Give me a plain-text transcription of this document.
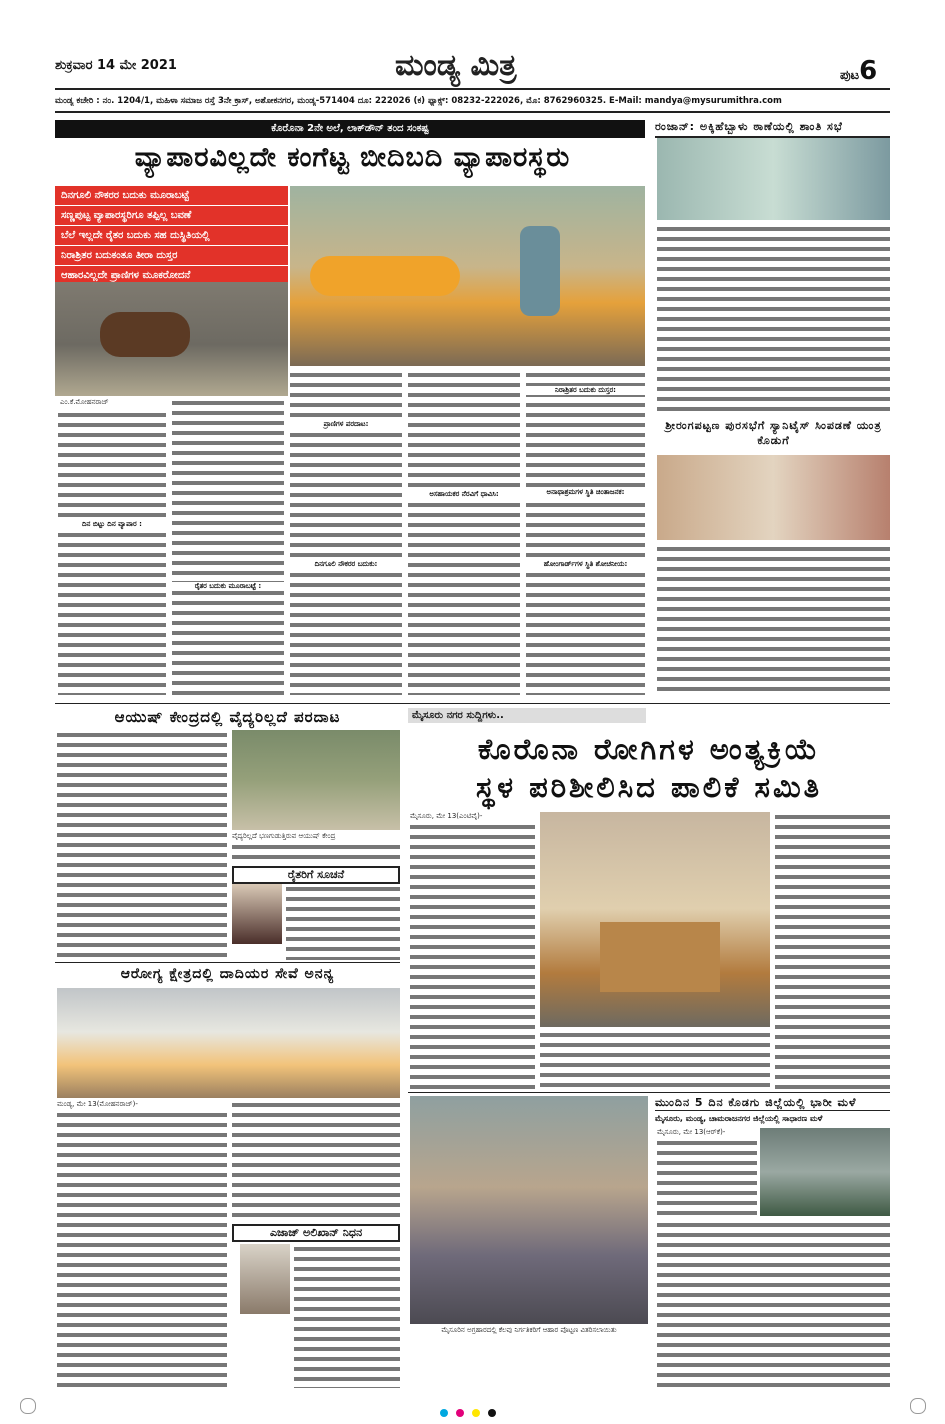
ಶುಕ್ರವಾರ 14 ಮೇ 2021	ಮಂಡ್ಯ ಮಿತ್ರ	ಪುಟ6
ಮಂಡ್ಯ ಕಚೇರಿ : ನಂ. 1204/1, ಮಹಿಳಾ ಸಮಾಜ ರಸ್ತೆ 3ನೇ ಕ್ರಾಸ್, ಅಶೋಕನಗರ, ಮಂಡ್ಯ-571404 ದೂ: 222026 (ಕ) ಫ್ಯಾಕ್ಸ್: 08232-222026, ಮೊ: 8762960325. E-Mail: mandya@mysurumithra.com
ಕೊರೊನಾ 2ನೇ ಅಲೆ, ಲಾಕ್‌ಡೌನ್ ತಂದ ಸಂಕಷ್ಟ
ವ್ಯಾಪಾರವಿಲ್ಲದೇ ಕಂಗೆಟ್ಟ ಬೀದಿಬದಿ ವ್ಯಾಪಾರಸ್ಥರು
ದಿನಗೂಲಿ ನೌಕರರ ಬದುಕು ಮೂರಾಬಟ್ಟೆ
ಸಣ್ಣಪುಟ್ಟ ವ್ಯಾಪಾರಸ್ಥರಿಗೂ ತಪ್ಪಿಲ್ಲ ಬವಣೆ
ಬೆಲೆ ಇಲ್ಲದೇ ರೈತರ ಬದುಕು ಸಹ ದುಸ್ಥಿತಿಯಲ್ಲಿ
ನಿರಾಶ್ರಿತರ ಬದುಕಂತೂ ತೀರಾ ದುಸ್ತರ
ಆಹಾರವಿಲ್ಲದೇ ಪ್ರಾಣಿಗಳ ಮೂಕರೋದನೆ
ಎಂ.ಕೆ.ಮೋಹನರಾಜ್
ದಿನ ಬಿಟ್ಟು ದಿನ ವ್ಯಾಪಾರ :
ರೈತರ ಬದುಕು ಮೂರಾಬಟ್ಟೆ :
ದಿನಗೂಲಿ ನೌಕರರ ಬದುಕು:
ಪ್ರಾಣಿಗಳ ಪರದಾಟ:
ಅಸಹಾಯಕರ ನೆರವಿಗೆ ಧಾವಿಸಿ:
ನಿರಾಶ್ರಿತರ ಬದುಕು ದುಸ್ತರ:
ಅನಾಥಾಶ್ರಮಗಳ ಸ್ಥಿತಿ ಚಿಂತಾಜನಕ:
ಹೋಂಗಾರ್ಡ್‌ಗಳ ಸ್ಥಿತಿ ಶೋಚನೀಯ:
ರಂಜಾನ್: ಅಕ್ಕಿಹೆಬ್ಬಾಳು ಠಾಣೆಯಲ್ಲಿ ಶಾಂತಿ ಸಭೆ
ಶ್ರೀರಂಗಪಟ್ಟಣ ಪುರಸಭೆಗೆ ಸ್ಯಾನಿಟೈಸ್ ಸಿಂಪಡಣೆ ಯಂತ್ರ ಕೊಡುಗೆ
ಆಯುಷ್ ಕೇಂದ್ರದಲ್ಲಿ ವೈದ್ಯರಿಲ್ಲದೆ ಪರದಾಟ
ವೈದ್ಯರಿಲ್ಲದೆ ಭಣಗುಡುತ್ತಿರುವ ಆಯುಷ್ ಕೇಂದ್ರ
ರೈತರಿಗೆ ಸೂಚನೆ
ಆರೋಗ್ಯ ಕ್ಷೇತ್ರದಲ್ಲಿ ದಾದಿಯರ ಸೇವೆ ಅನನ್ಯ
ಮಂಡ್ಯ, ಮೇ 13(ಮೋಹನರಾಜ್)-
ಎಜಾಜ್ ಅಲಿಖಾನ್ ನಿಧನ
ಮೈಸೂರು ನಗರ ಸುದ್ದಿಗಳು..
ಕೊರೊನಾ ರೋಗಿಗಳ ಅಂತ್ಯಕ್ರಿಯೆ
ಸ್ಥಳ ಪರಿಶೀಲಿಸಿದ ಪಾಲಿಕೆ ಸಮಿತಿ
ಮೈಸೂರು, ಮೇ 13(ಎಂಟಿವೈ)-
ಮೈಸೂರಿನ ಅಗ್ರಹಾರದಲ್ಲಿ ಕೆಲವು ನಿರ್ಗತಿಕರಿಗೆ ಆಹಾರ ಪೊಟ್ಟಣ ವಿತರಿಸಲಾಯಿತು
ಮುಂದಿನ 5 ದಿನ ಕೊಡಗು ಜಿಲ್ಲೆಯಲ್ಲಿ ಭಾರೀ ಮಳೆ
ಮೈಸೂರು, ಮಂಡ್ಯ, ಚಾಮರಾಜನಗರ ಜಿಲ್ಲೆಯಲ್ಲಿ ಸಾಧಾರಣ ಮಳೆ
ಮೈಸೂರು, ಮೇ 13(ಆರ್‌ಕೆ)-
